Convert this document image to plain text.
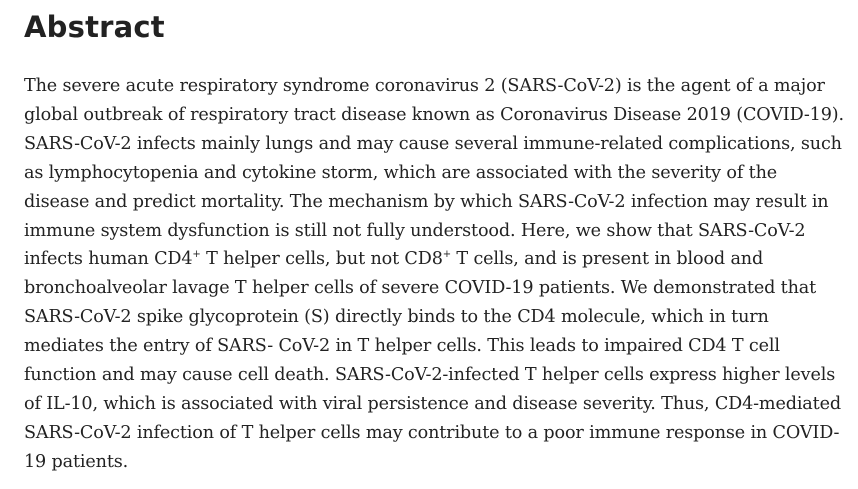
Abstract

The severe acute respiratory syndrome coronavirus 2 (SARS-CoV-2) is the agent of a major global outbreak of respiratory tract disease known as Coronavirus Disease 2019 (COVID-19). SARS-CoV-2 infects mainly lungs and may cause several immune-related complications, such as lymphocytopenia and cytokine storm, which are associated with the severity of the disease and predict mortality. The mechanism by which SARS-CoV-2 infection may result in immune system dysfunction is still not fully understood. Here, we show that SARS-CoV-2 infects human CD4+ T helper cells, but not CD8+ T cells, and is present in blood and bronchoalveolar lavage T helper cells of severe COVID-19 patients. We demonstrated that SARS-CoV-2 spike glycoprotein (S) directly binds to the CD4 molecule, which in turn mediates the entry of SARS- CoV-2 in T helper cells. This leads to impaired CD4 T cell function and may cause cell death. SARS-CoV-2-infected T helper cells express higher levels of IL-10, which is associated with viral persistence and disease severity. Thus, CD4-mediated SARS-CoV-2 infection of T helper cells may contribute to a poor immune response in COVID-19 patients.
